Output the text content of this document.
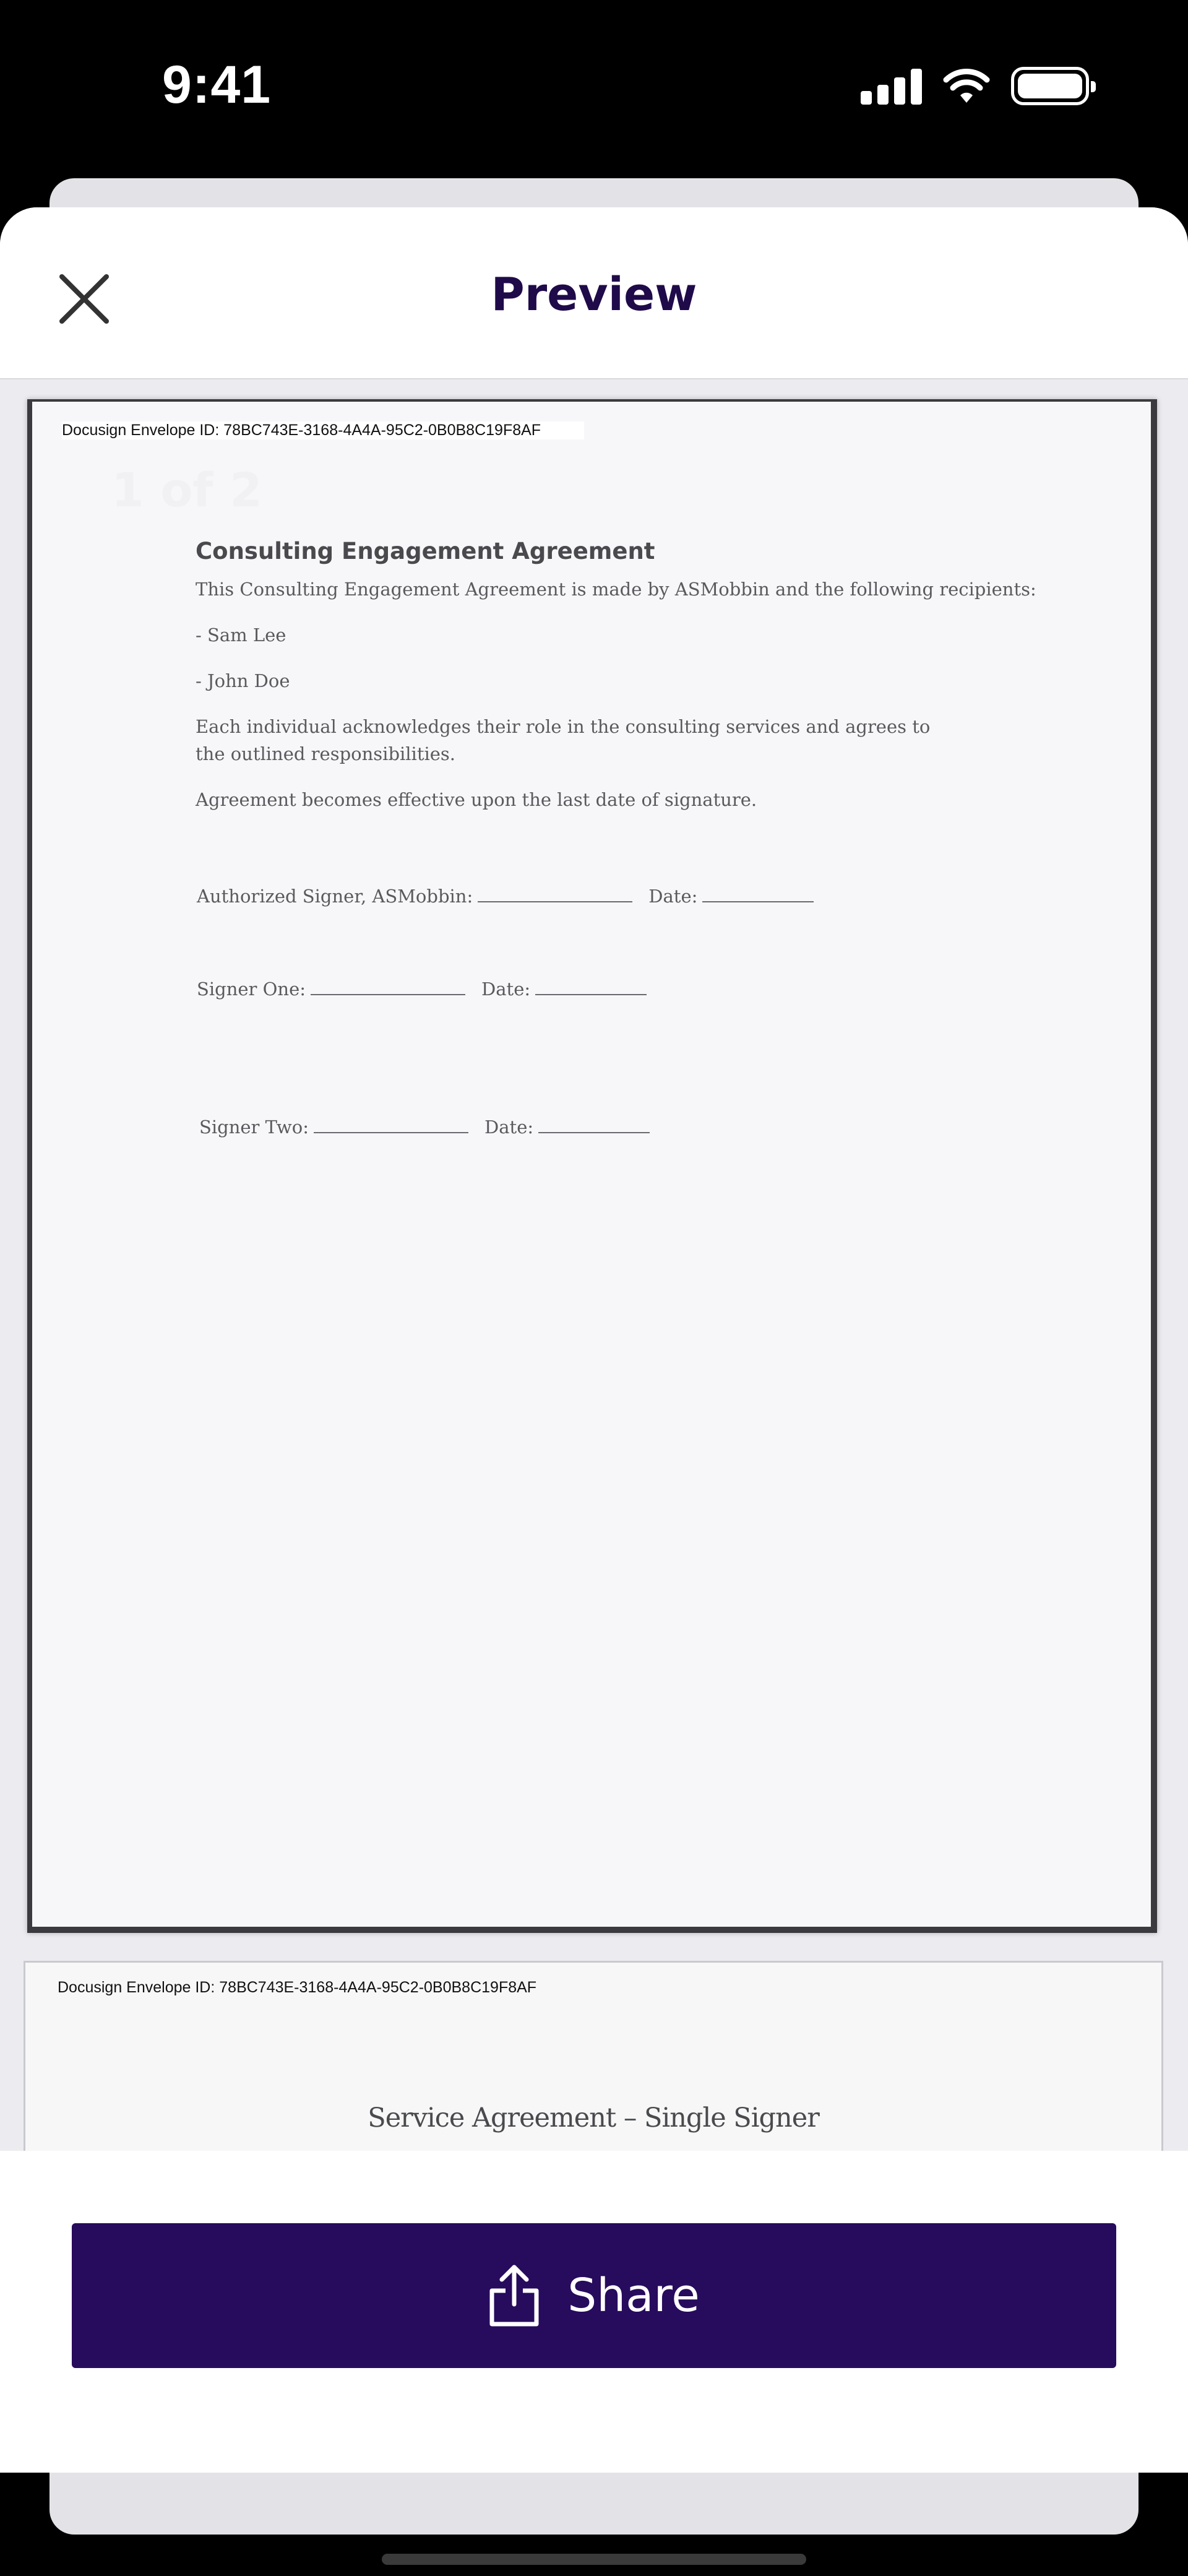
9:41
Preview
Docusign Envelope ID: 78BC743E-3168-4A4A-95C2-0B0B8C19F8AF
1 of 2
Consulting Engagement Agreement
This Consulting Engagement Agreement is made by ASMobbin and the following recipients:
- Sam Lee
- John Doe
Each individual acknowledges their role in the consulting services and agrees to the outlined responsibilities.
Agreement becomes effective upon the last date of signature.
Authorized Signer, ASMobbin:	Date:
Signer One:	Date:
Signer Two:	Date:
Docusign Envelope ID: 78BC743E-3168-4A4A-95C2-0B0B8C19F8AF
Service Agreement – Single Signer
Share
